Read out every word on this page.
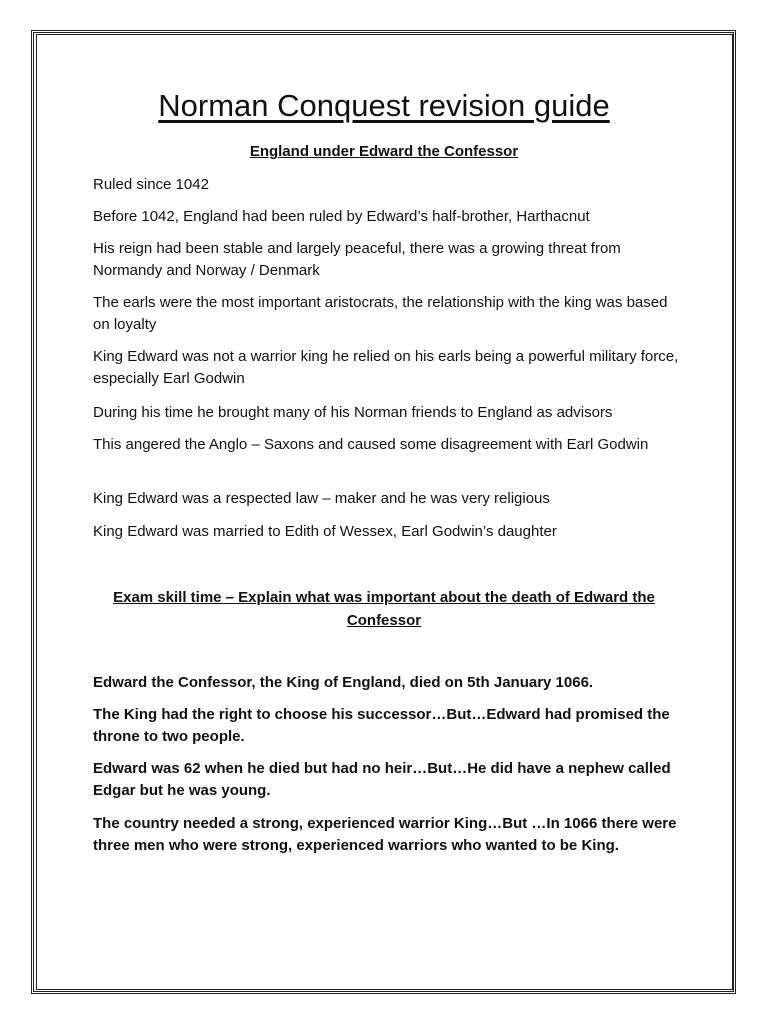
Norman Conquest revision guide
England under Edward the Confessor
Ruled since 1042
Before 1042, England had been ruled by Edward’s half-brother, Harthacnut
His reign had been stable and largely peaceful, there was a growing threat from Normandy and Norway / Denmark
The earls were the most important aristocrats, the relationship with the king was based on loyalty
King Edward was not a warrior king he relied on his earls being a powerful military force, especially Earl Godwin
During his time he brought many of his Norman friends to England as advisors
This angered the Anglo – Saxons and caused some disagreement with Earl Godwin
King Edward was a respected law – maker and he was very religious
King Edward was married to Edith of Wessex, Earl Godwin’s daughter
Exam skill time – Explain what was important about the death of Edward the Confessor
Edward the Confessor, the King of England, died on 5th January 1066.
The King had the right to choose his successor…But…Edward had promised the throne to two people.
Edward was 62 when he died but had no heir…But…He did have a nephew called Edgar but he was young.
The country needed a strong, experienced warrior King…But …In 1066 there were three men who were strong, experienced warriors who wanted to be King.
